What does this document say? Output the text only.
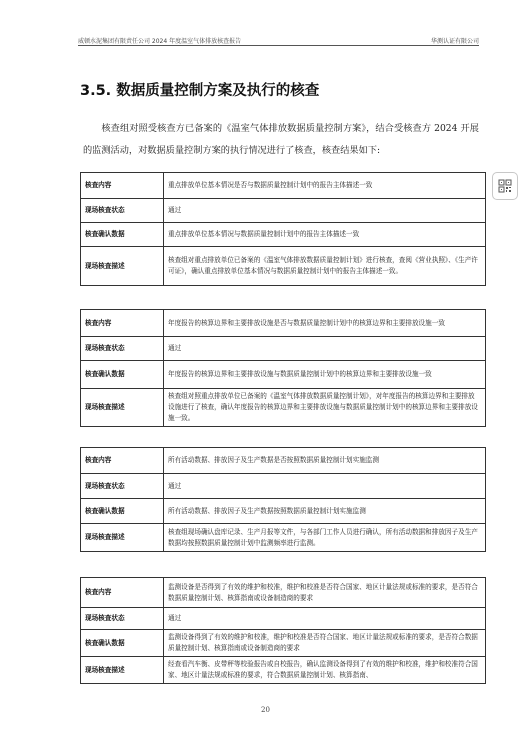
威顿水泥集团有限责任公司 2024 年度温室气体排放核查报告	华测认证有限公司
3.5. 数据质量控制方案及执行的核查

核查组对照受核查方已备案的《温室气体排放数据质量控制方案》，结合受核查方 2024 开展的监测活动，对数据质量控制方案的执行情况进行了核查，核查结果如下:

核查内容	重点排放单位基本情况是否与数据质量控制计划中的报告主体描述一致
现场核查状态	通过
核查确认数据	重点排放单位基本情况与数据质量控制计划中的报告主体描述一致
现场核查描述	核查组对重点排放单位已备案的《温室气体排放数据质量控制计划》进行核查，查阅《营业执照》、《生产许可证》，确认重点排放单位基本情况与数据质量控制计划中的报告主体描述一致。
核查内容	年度报告的核算边界和主要排放设施是否与数据质量控制计划中的核算边界和主要排放设施一致
现场核查状态	通过
核查确认数据	年度报告的核算边界和主要排放设施与数据质量控制计划中的核算边界和主要排放设施一致
现场核查描述	核查组对照重点排放单位已备案的《温室气体排放数据质量控制计划》，对年度报告的核算边界和主要排放设施进行了核查，确认年度报告的核算边界和主要排放设施与数据质量控制计划中的核算边界和主要排放设施一致。
核查内容	所有活动数据、排放因子及生产数据是否按照数据质量控制计划实施监测
现场核查状态	通过
核查确认数据	所有活动数据、排放因子及生产数据按照数据质量控制计划实施监测
现场核查描述	核查组现场确认盘库记录、生产月报等文件，与各部门工作人员进行确认，所有活动数据和排放因子及生产数据均按照数据质量控制计划中监测频率进行监测。
核查内容	监测设备是否得到了有效的维护和校准，维护和校准是否符合国家、地区计量法规或标准的要求，是否符合数据质量控制计划、核算指南或设备制造商的要求
现场核查状态	通过
核查确认数据	监测设备得到了有效的维护和校准，维护和校准是否符合国家、地区计量法规或标准的要求，是否符合数据质量控制计划、核算指南或设备制造商的要求
现场核查描述	经查看汽车衡、皮带秤等校验报告或自校报告，确认监测设备得到了有效的维护和校准，维护和校准符合国家、地区计量法规或标准的要求，符合数据质量控制计划、核算指南、
20
